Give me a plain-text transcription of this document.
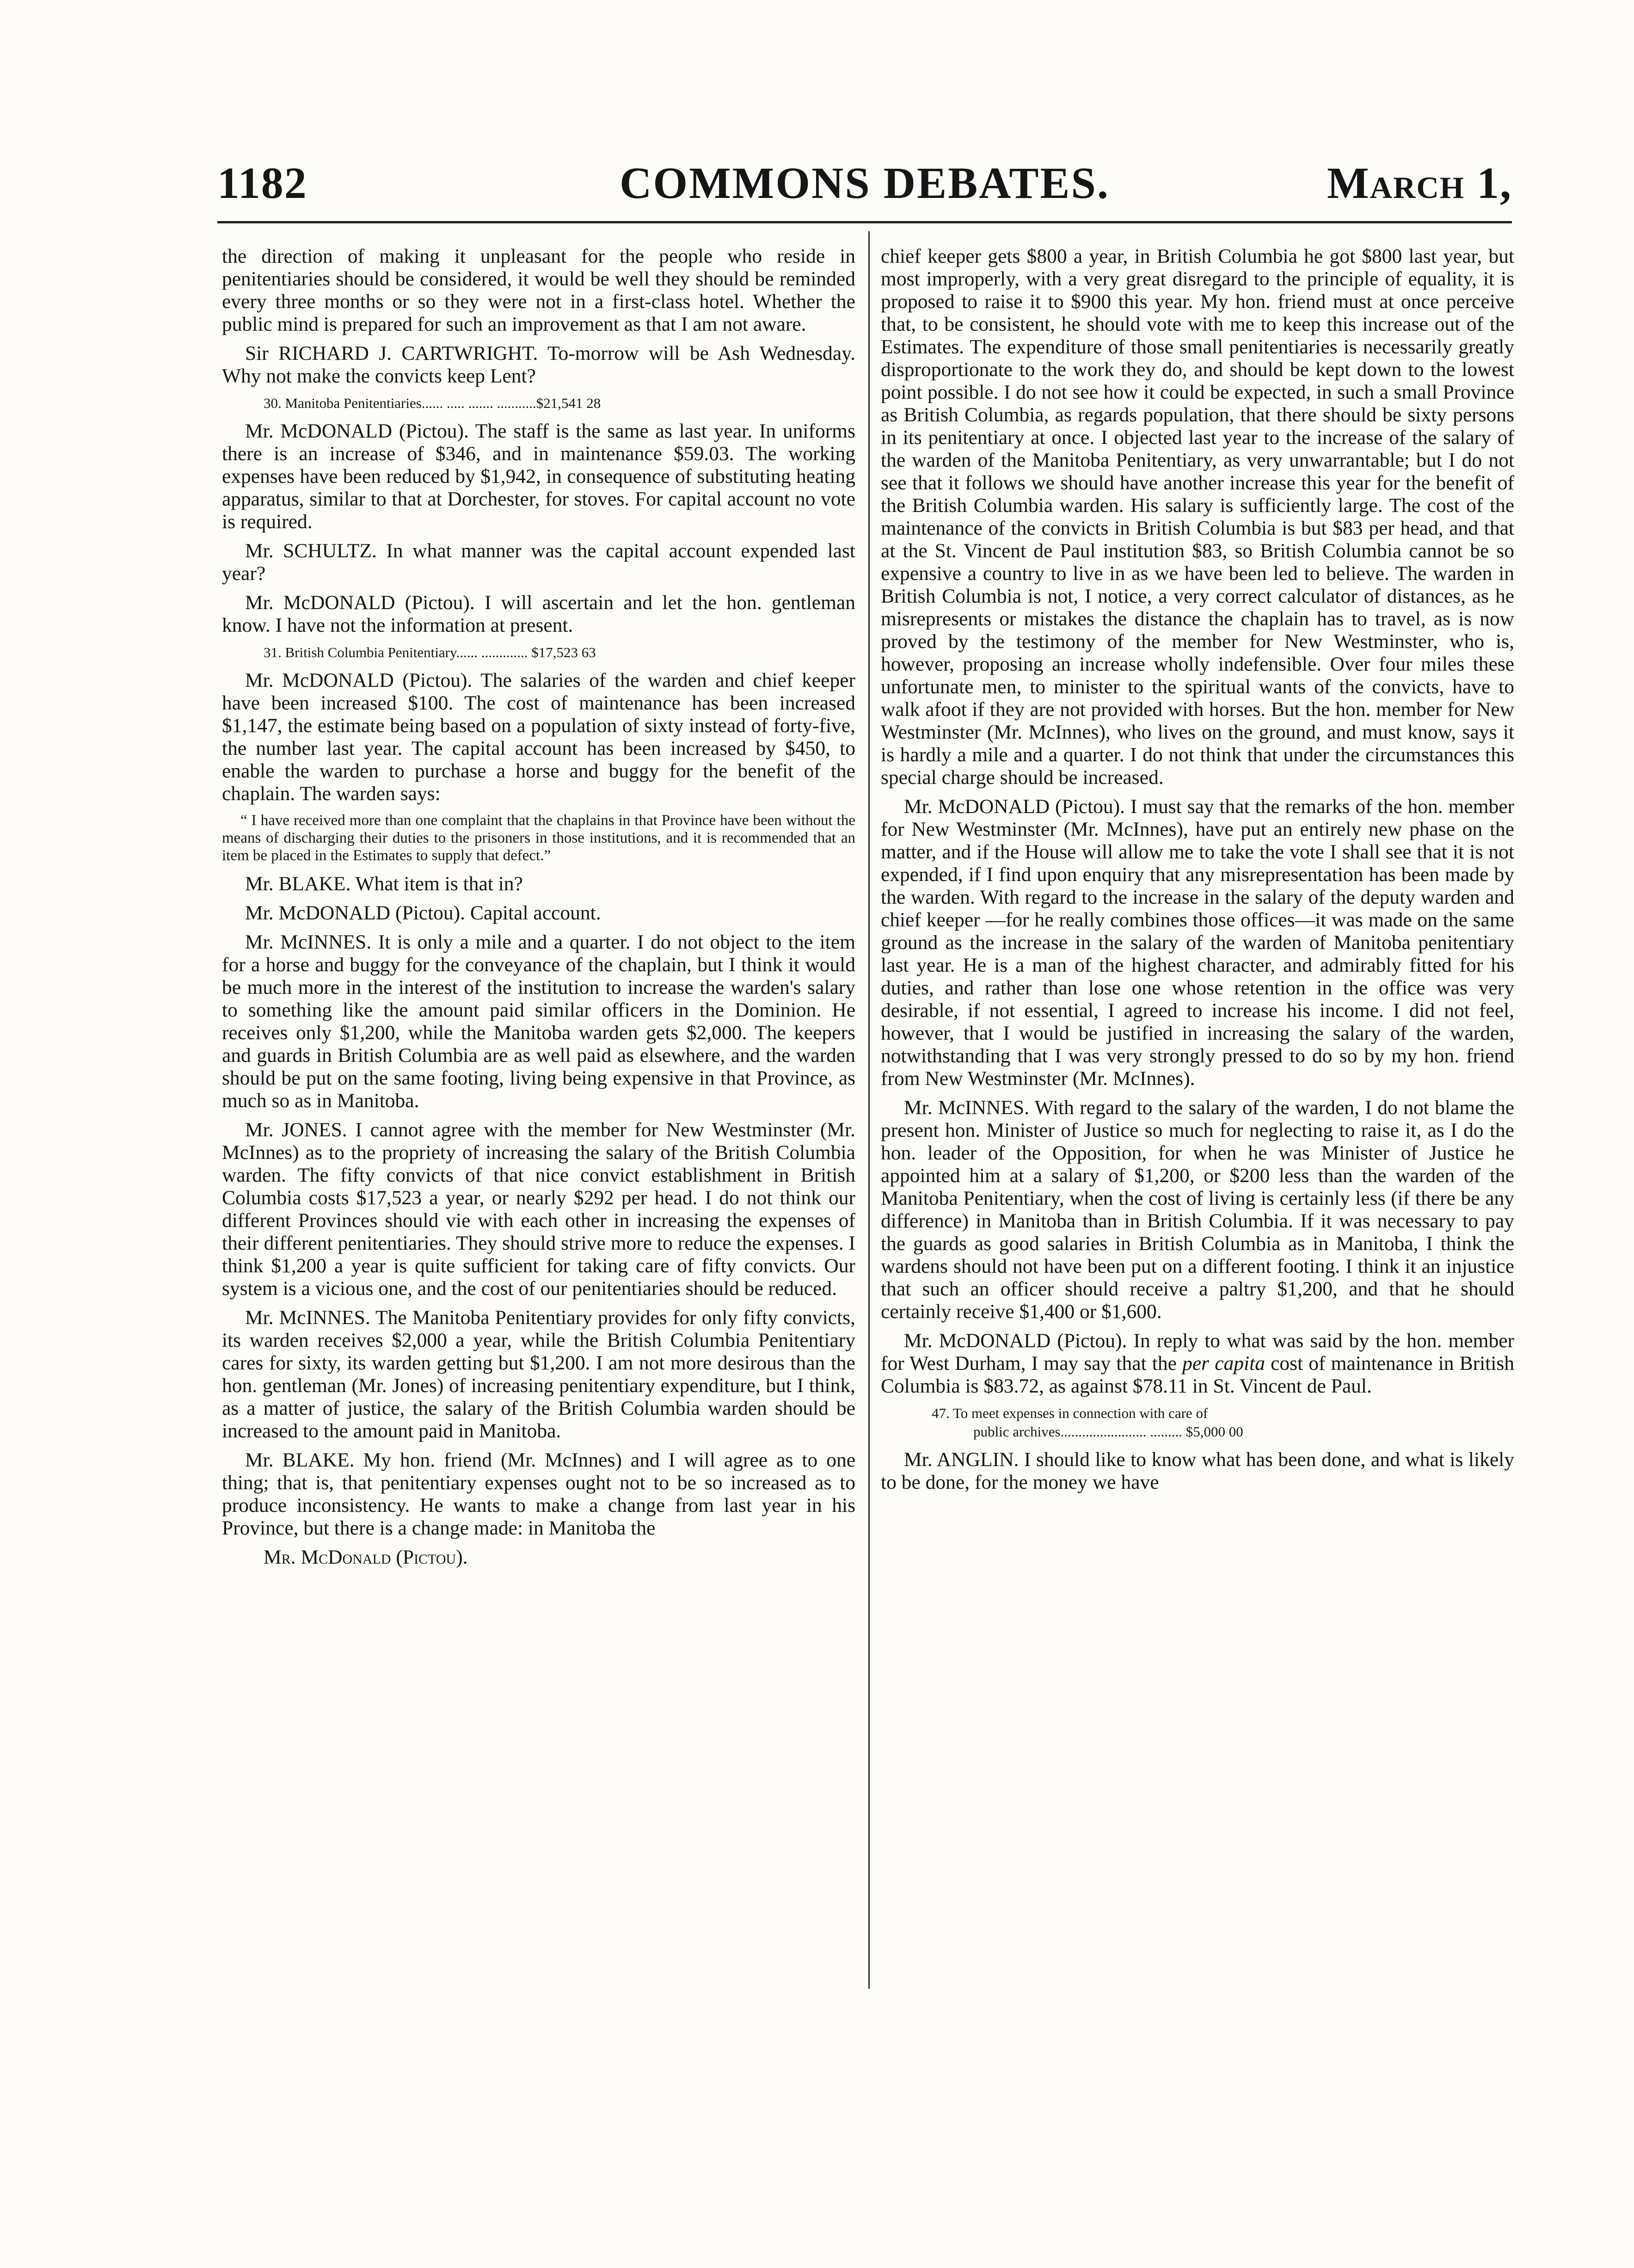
1182	COMMONS DEBATES.	March 1,

the direction of making it unpleasant for the people who reside in penitentiaries should be considered, it would be well they should be reminded every three months or so they were not in a first-class hotel. Whether the public mind is prepared for such an improvement as that I am not aware.

Sir RICHARD J. CARTWRIGHT. To-morrow will be Ash Wednesday. Why not make the convicts keep Lent?

30. Manitoba Penitentiaries...... ..... ....... ...........$21,541 28

Mr. McDONALD (Pictou). The staff is the same as last year. In uniforms there is an increase of $346, and in maintenance $59.03. The working expenses have been reduced by $1,942, in consequence of substituting heating apparatus, similar to that at Dorchester, for stoves. For capital account no vote is required.

Mr. SCHULTZ. In what manner was the capital account expended last year?

Mr. McDONALD (Pictou). I will ascertain and let the hon. gentleman know. I have not the information at present.

31. British Columbia Penitentiary...... ............. $17,523 63

Mr. McDONALD (Pictou). The salaries of the warden and chief keeper have been increased $100. The cost of maintenance has been increased $1,147, the estimate being based on a population of sixty instead of forty-five, the number last year. The capital account has been increased by $450, to enable the warden to purchase a horse and buggy for the benefit of the chaplain. The warden says:

“ I have received more than one complaint that the chaplains in that Province have been without the means of discharging their duties to the prisoners in those institutions, and it is recommended that an item be placed in the Estimates to supply that defect.”

Mr. BLAKE. What item is that in?

Mr. McDONALD (Pictou). Capital account.

Mr. McINNES. It is only a mile and a quarter. I do not object to the item for a horse and buggy for the conveyance of the chaplain, but I think it would be much more in the interest of the institution to increase the warden's salary to something like the amount paid similar officers in the Dominion. He receives only $1,200, while the Manitoba warden gets $2,000. The keepers and guards in British Columbia are as well paid as elsewhere, and the warden should be put on the same footing, living being expensive in that Province, as much so as in Manitoba.

Mr. JONES. I cannot agree with the member for New Westminster (Mr. McInnes) as to the propriety of increasing the salary of the British Columbia warden. The fifty convicts of that nice convict establishment in British Columbia costs $17,523 a year, or nearly $292 per head. I do not think our different Provinces should vie with each other in increasing the expenses of their different penitentiaries. They should strive more to reduce the expenses. I think $1,200 a year is quite sufficient for taking care of fifty convicts. Our system is a vicious one, and the cost of our penitentiaries should be reduced.

Mr. McINNES. The Manitoba Penitentiary provides for only fifty convicts, its warden receives $2,000 a year, while the British Columbia Penitentiary cares for sixty, its warden getting but $1,200. I am not more desirous than the hon. gentleman (Mr. Jones) of increasing penitentiary expenditure, but I think, as a matter of justice, the salary of the British Columbia warden should be increased to the amount paid in Manitoba.

Mr. BLAKE. My hon. friend (Mr. McInnes) and I will agree as to one thing; that is, that penitentiary expenses ought not to be so increased as to produce inconsistency. He wants to make a change from last year in his Province, but there is a change made: in Manitoba the

Mr. McDonald (Pictou).

chief keeper gets $800 a year, in British Columbia he got $800 last year, but most improperly, with a very great disregard to the principle of equality, it is proposed to raise it to $900 this year. My hon. friend must at once perceive that, to be consistent, he should vote with me to keep this increase out of the Estimates. The expenditure of those small penitentiaries is necessarily greatly disproportionate to the work they do, and should be kept down to the lowest point possible. I do not see how it could be expected, in such a small Province as British Columbia, as regards population, that there should be sixty persons in its penitentiary at once. I objected last year to the increase of the salary of the warden of the Manitoba Penitentiary, as very unwarrantable; but I do not see that it follows we should have another increase this year for the benefit of the British Columbia warden. His salary is sufficiently large. The cost of the maintenance of the convicts in British Columbia is but $83 per head, and that at the St. Vincent de Paul institution $83, so British Columbia cannot be so expensive a country to live in as we have been led to believe. The warden in British Columbia is not, I notice, a very correct calculator of distances, as he misrepresents or mistakes the distance the chaplain has to travel, as is now proved by the testimony of the member for New Westminster, who is, however, proposing an increase wholly indefensible. Over four miles these unfortunate men, to minister to the spiritual wants of the convicts, have to walk afoot if they are not provided with horses. But the hon. member for New Westminster (Mr. McInnes), who lives on the ground, and must know, says it is hardly a mile and a quarter. I do not think that under the circumstances this special charge should be increased.

Mr. McDONALD (Pictou). I must say that the remarks of the hon. member for New Westminster (Mr. McInnes), have put an entirely new phase on the matter, and if the House will allow me to take the vote I shall see that it is not expended, if I find upon enquiry that any misrepresentation has been made by the warden. With regard to the increase in the salary of the deputy warden and chief keeper —for he really combines those offices—it was made on the same ground as the increase in the salary of the warden of Manitoba penitentiary last year. He is a man of the highest character, and admirably fitted for his duties, and rather than lose one whose retention in the office was very desirable, if not essential, I agreed to increase his income. I did not feel, however, that I would be justified in increasing the salary of the warden, notwithstanding that I was very strongly pressed to do so by my hon. friend from New Westminster (Mr. McInnes).

Mr. McINNES. With regard to the salary of the warden, I do not blame the present hon. Minister of Justice so much for neglecting to raise it, as I do the hon. leader of the Opposition, for when he was Minister of Justice he appointed him at a salary of $1,200, or $200 less than the warden of the Manitoba Penitentiary, when the cost of living is certainly less (if there be any difference) in Manitoba than in British Columbia. If it was necessary to pay the guards as good salaries in British Columbia as in Manitoba, I think the wardens should not have been put on a different footing. I think it an injustice that such an officer should receive a paltry $1,200, and that he should certainly receive $1,400 or $1,600.

Mr. McDONALD (Pictou). In reply to what was said by the hon. member for West Durham, I may say that the per capita cost of maintenance in British Columbia is $83.72, as against $78.11 in St. Vincent de Paul.

47. To meet expenses in connection with care of
public archives........................ ......... $5,000 00

Mr. ANGLIN. I should like to know what has been done, and what is likely to be done, for the money we have
